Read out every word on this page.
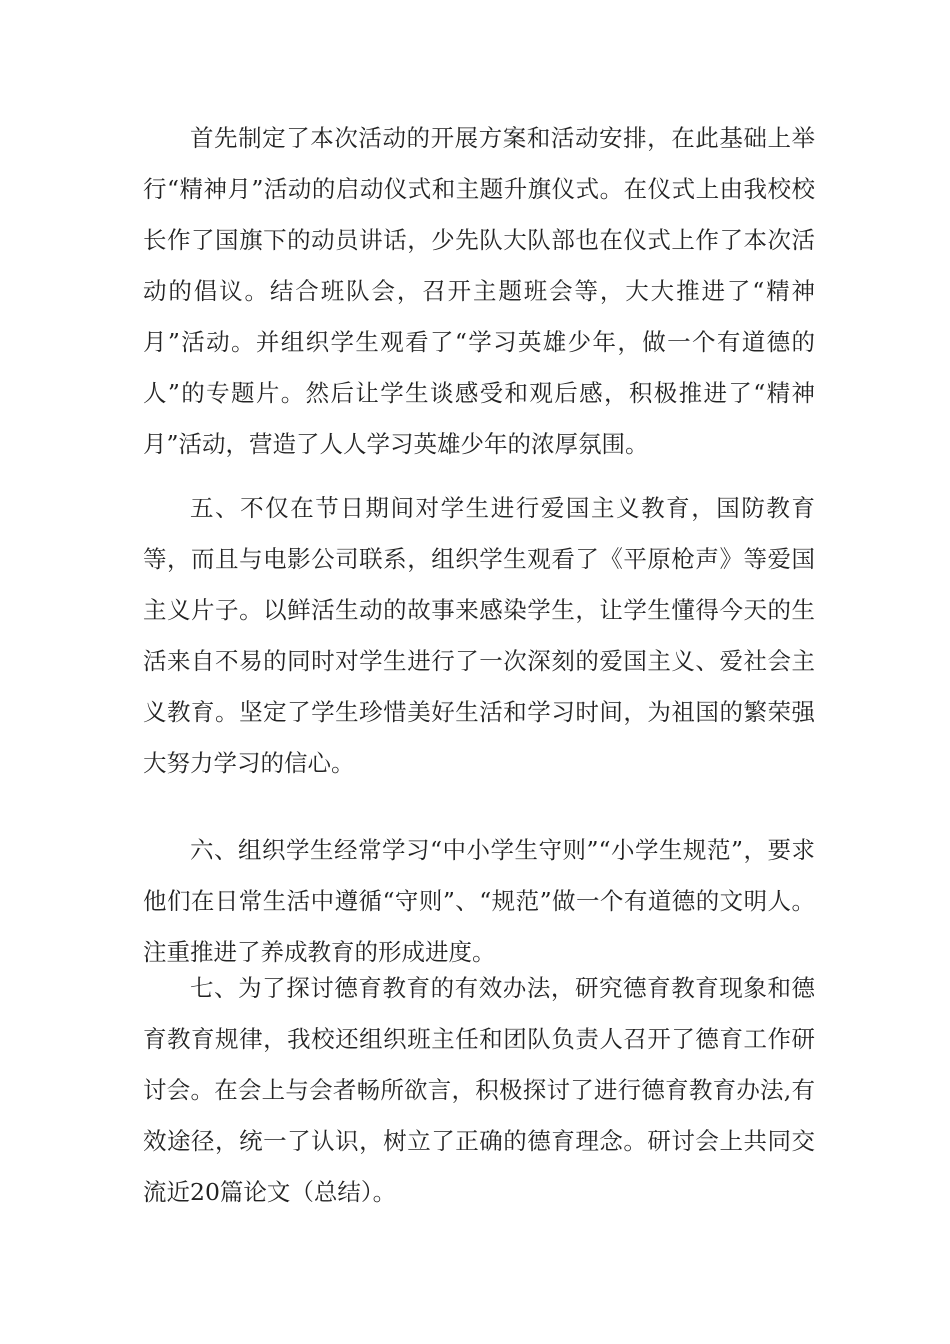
首先制定了本次活动的开展方案和活动安排，在此基础上举行“精神月”活动的启动仪式和主题升旗仪式。在仪式上由我校校长作了国旗下的动员讲话，少先队大队部也在仪式上作了本次活动的倡议。结合班队会，召开主题班会等，大大推进了“精神月”活动。并组织学生观看了“学习英雄少年，做一个有道德的人”的专题片。然后让学生谈感受和观后感，积极推进了“精神月”活动，营造了人人学习英雄少年的浓厚氛围。

五、不仅在节日期间对学生进行爱国主义教育，国防教育等，而且与电影公司联系，组织学生观看了《平原枪声》等爱国主义片子。以鲜活生动的故事来感染学生，让学生懂得今天的生活来自不易的同时对学生进行了一次深刻的爱国主义、爱社会主义教育。坚定了学生珍惜美好生活和学习时间，为祖国的繁荣强大努力学习的信心。

六、组织学生经常学习“中小学生守则”“小学生规范”，要求他们在日常生活中遵循“守则”、“规范”做一个有道德的文明人。注重推进了养成教育的形成进度。

七、为了探讨德育教育的有效办法，研究德育教育现象和德育教育规律，我校还组织班主任和团队负责人召开了德育工作研讨会。在会上与会者畅所欲言，积极探讨了进行德育教育办法,有效途径，统一了认识，树立了正确的德育理念。研讨会上共同交流近20篇论文（总结）。
